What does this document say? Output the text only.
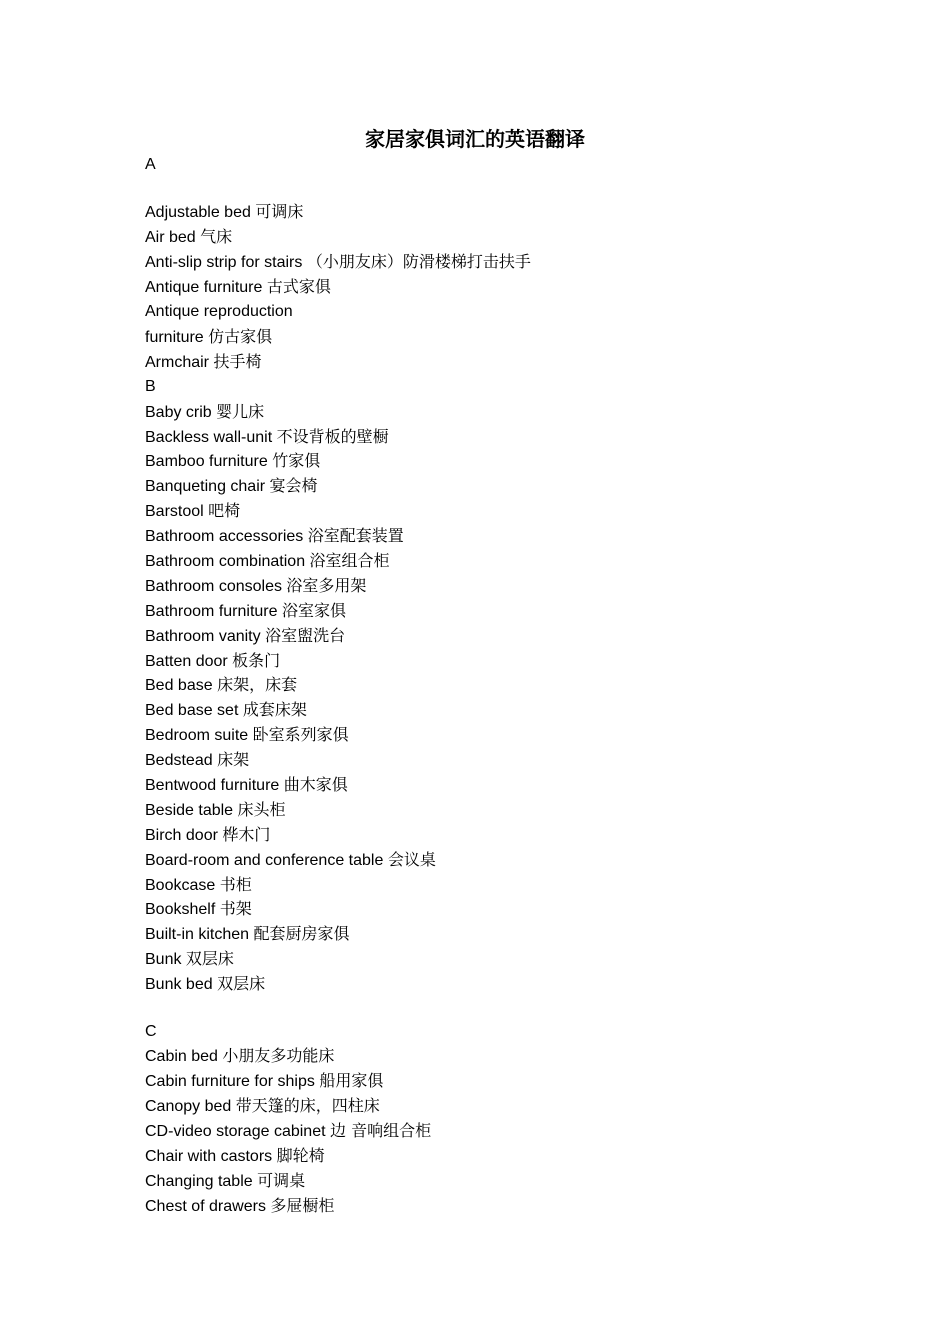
家居家俱词汇的英语翻译
A
Adjustable bed 可调床
Air bed 气床
Anti-slip strip for stairs （小朋友床）防滑楼梯打击扶手
Antique furniture 古式家俱
Antique reproduction
furniture 仿古家俱
Armchair 扶手椅
B
Baby crib 婴儿床
Backless wall-unit 不设背板的壁橱
Bamboo furniture 竹家俱
Banqueting chair 宴会椅
Barstool 吧椅
Bathroom accessories 浴室配套装置
Bathroom combination 浴室组合柜
Bathroom consoles 浴室多用架
Bathroom furniture 浴室家俱
Bathroom vanity 浴室盥洗台
Batten door 板条门
Bed base 床架，床套
Bed base set 成套床架
Bedroom suite 卧室系列家俱
Bedstead 床架
Bentwood furniture 曲木家俱
Beside table 床头柜
Birch door 桦木门
Board-room and conference table 会议桌
Bookcase 书柜
Bookshelf 书架
Built-in kitchen 配套厨房家俱
Bunk 双层床
Bunk bed 双层床
C
Cabin bed 小朋友多功能床
Cabin furniture for ships 船用家俱
Canopy bed 带天篷的床，四柱床
CD-video storage cabinet 边 音响组合柜
Chair with castors 脚轮椅
Changing table 可调桌
Chest of drawers 多屉橱柜
